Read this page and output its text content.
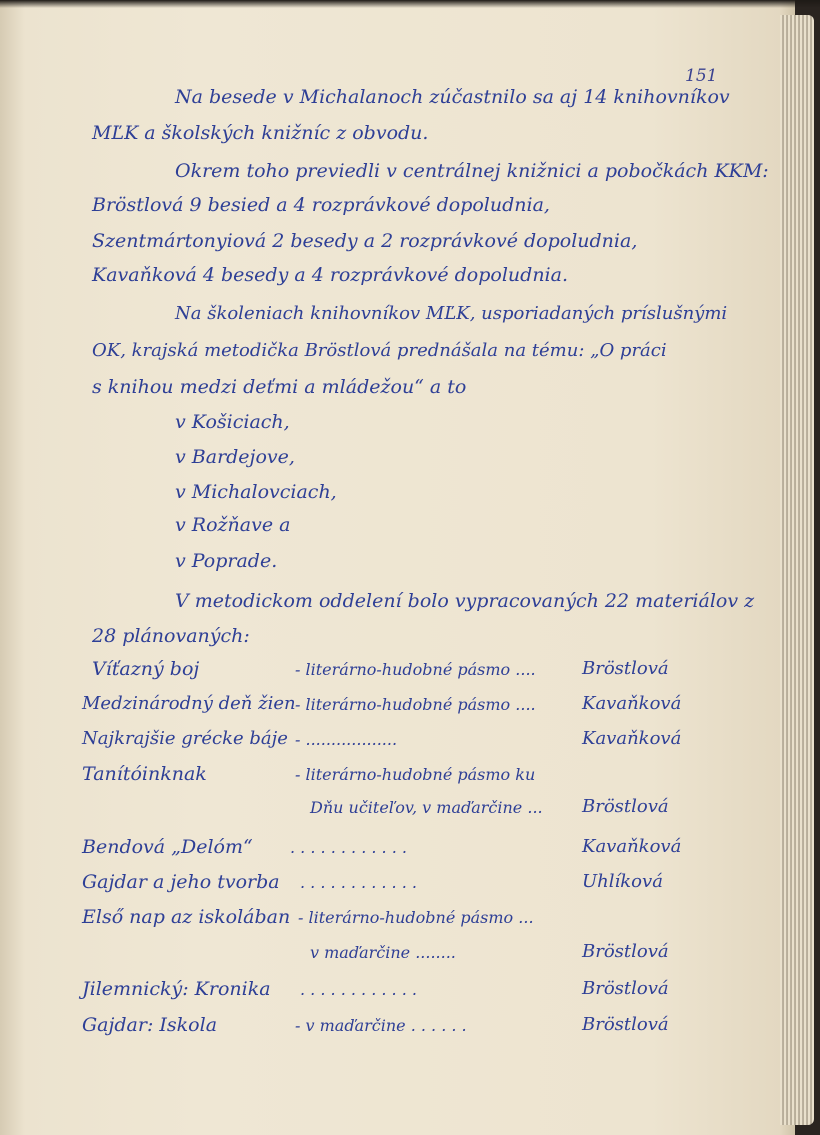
151
Na besede v Michalanoch zúčastnilo sa aj 14 knihovníkov
MĽK a školských knižníc z obvodu.
Okrem toho previedli v centrálnej knižnici a pobočkách KKM:
Bröstlová 9 besied a 4 rozprávkové dopoludnia,
Szentmártonyiová 2 besedy a 2 rozprávkové dopoludnia,
Kavaňková 4 besedy a 4 rozprávkové dopoludnia.
Na školeniach knihovníkov MĽK, usporiadaných príslušnými
OK, krajská metodička Bröstlová prednášala na tému: „O práci
s knihou medzi deťmi a mládežou“ a to
v Košiciach,
v Bardejove,
v Michalovciach,
v Rožňave a
v Poprade.
V metodickom oddelení bolo vypracovaných 22 materiálov z
28 plánovaných:
Víťazný boj	- literárno-hudobné pásmo ....	Bröstlová
Medzinárodný deň žien - literárno-hudobné pásmo ....	Kavaňková
Najkrajšie grécke báje - ..................	Kavaňková
Tanítóinknak	- literárno-hudobné pásmo ku
Dňu učiteľov, v maďarčine ... Bröstlová
Bendová „Delóm“ . . . . . . . . . . . .	Kavaňková
Gajdar a jeho tvorba . . . . . . . . . . . .	Uhlíková
Első nap az iskolában - literárno-hudobné pásmo ...
v maďarčine ........	Bröstlová
Jilemnický: Kronika . . . . . . . . . . . .	Bröstlová
Gajdar: Iskola	- v maďarčine . . . . . .	Bröstlová
